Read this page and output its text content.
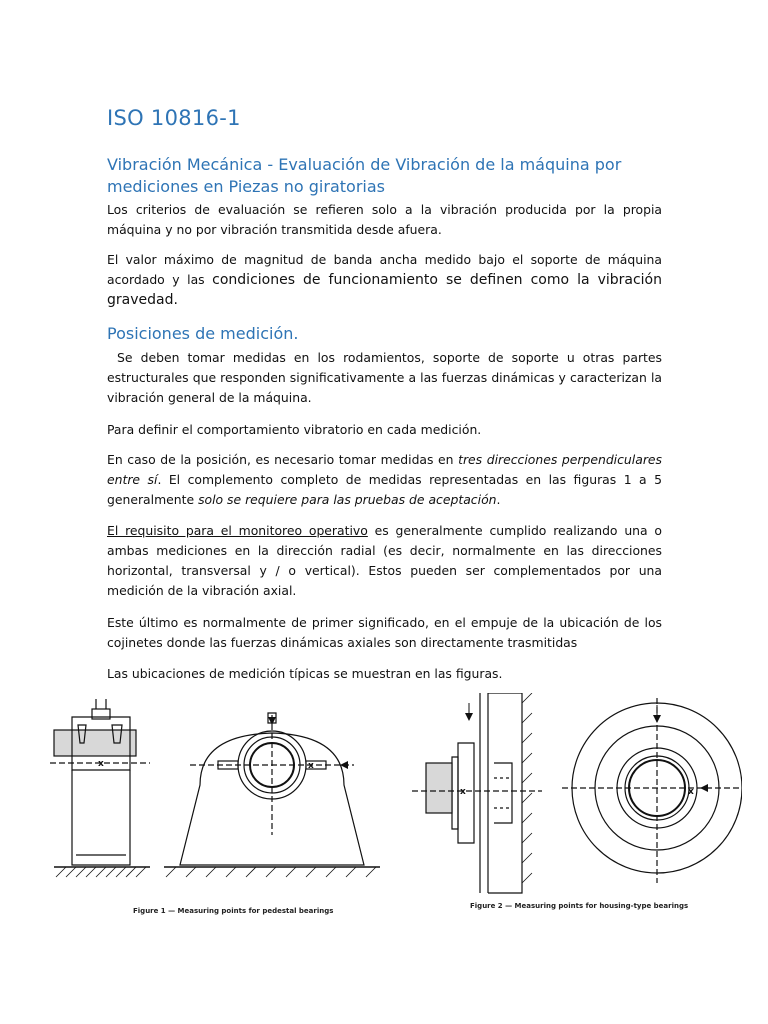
ISO 10816-1
Vibración Mecánica - Evaluación de Vibración de la máquina por mediciones en Piezas no giratorias

Los criterios de evaluación se refieren solo a la vibración producida por la propia máquina y no por vibración transmitida desde afuera.

El valor máximo de magnitud de banda ancha medido bajo el soporte de máquina acordado y las condiciones de funcionamiento se definen como la vibración gravedad.

Posiciones de medición.

Se deben tomar medidas en los rodamientos, soporte de soporte u otras partes estructurales que responden significativamente a las fuerzas dinámicas y caracterizan la vibración general de la máquina.

Para definir el comportamiento vibratorio en cada medición.

En caso de la posición, es necesario tomar medidas en tres direcciones perpendiculares entre sí. El complemento completo de medidas representadas en las figuras 1 a 5 generalmente solo se requiere para las pruebas de aceptación.

El requisito para el monitoreo operativo es generalmente cumplido realizando una o ambas mediciones en la dirección radial (es decir, normalmente en las direcciones horizontal, transversal y / o vertical). Estos pueden ser complementados por una medición de la vibración axial.

Este último es normalmente de primer significado, en el empuje de la ubicación de los cojinetes donde las fuerzas dinámicas axiales son directamente trasmitidas

Las ubicaciones de medición típicas se muestran en las figuras.

x	x
Figure 1 — Measuring points for pedestal bearings
x	x
Figure 2 — Measuring points for housing-type bearings
